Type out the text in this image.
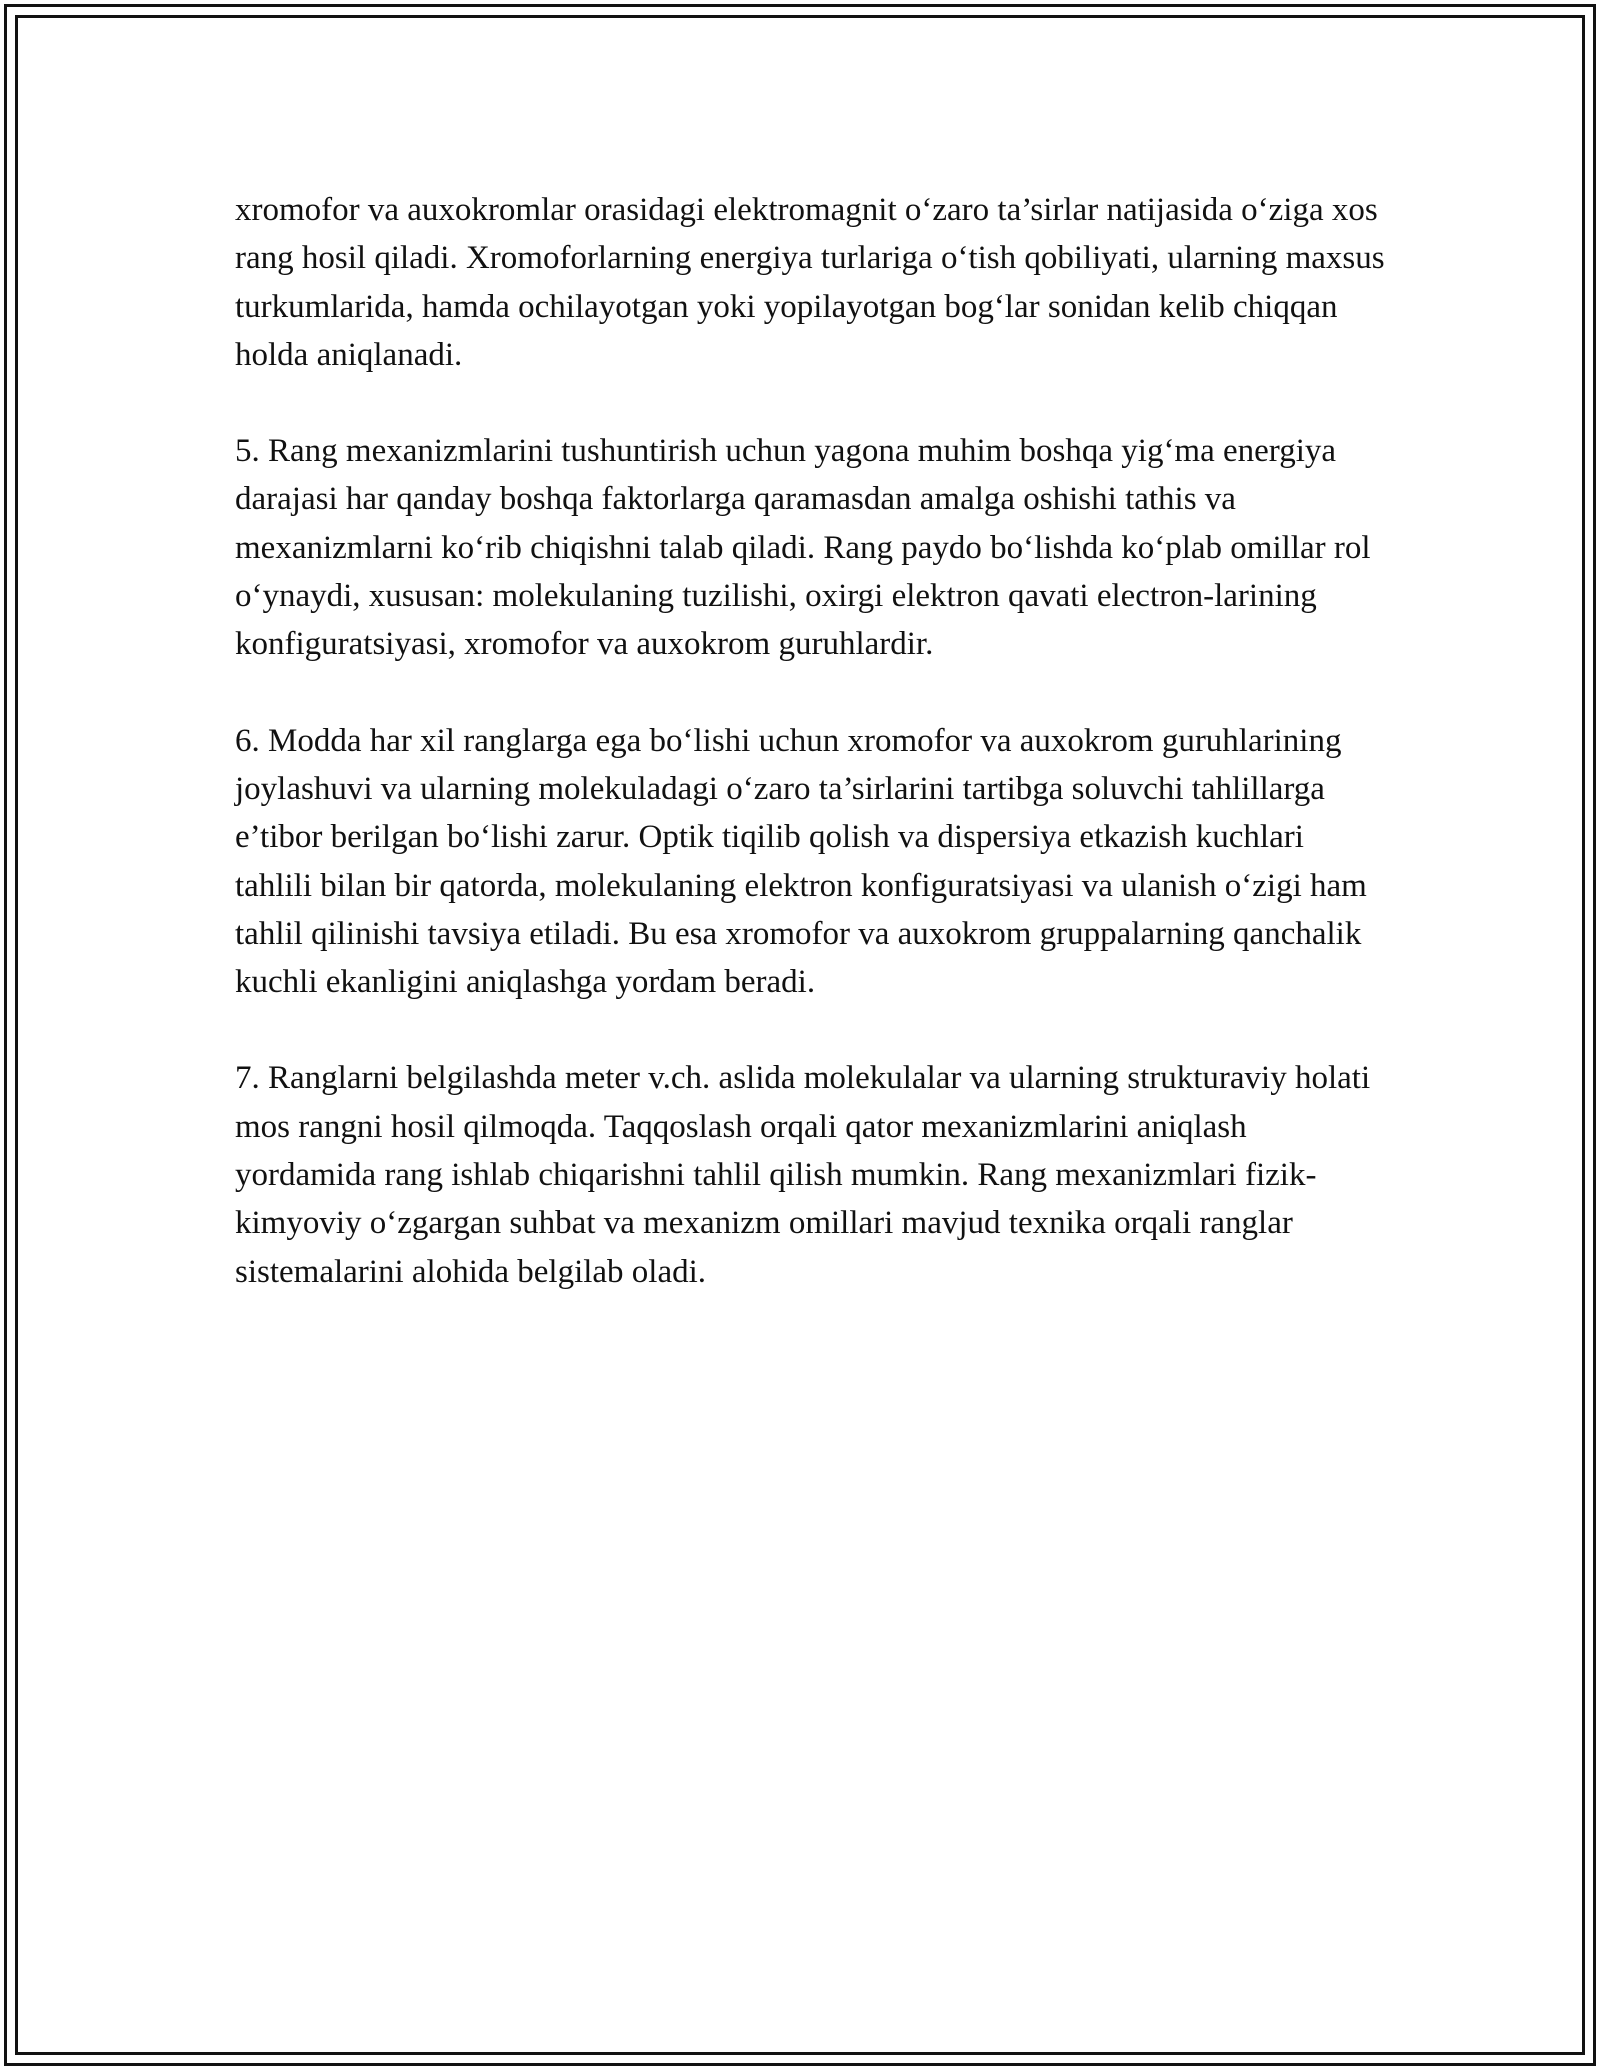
xromofor va auxokromlar orasidagi elektromagnit o‘zaro ta’sirlar natijasida o‘ziga xos rang hosil qiladi. Xromoforlarning energiya turlariga o‘tish qobiliyati, ularning maxsus turkumlarida, hamda ochilayotgan yoki yopilayotgan bog‘lar sonidan kelib chiqqan holda aniqlanadi.

5. Rang mexanizmlarini tushuntirish uchun yagona muhim boshqa yig‘ma energiya darajasi har qanday boshqa faktorlarga qaramasdan amalga oshishi tathis va mexanizmlarni ko‘rib chiqishni talab qiladi. Rang paydo bo‘lishda ko‘plab omillar rol o‘ynaydi, xususan: molekulaning tuzilishi, oxirgi elektron qavati electron-larining konfiguratsiyasi, xromofor va auxokrom guruhlardir.

6. Modda har xil ranglarga ega bo‘lishi uchun xromofor va auxokrom guruhlarining joylashuvi va ularning molekuladagi o‘zaro ta’sirlarini tartibga soluvchi tahlillarga e’tibor berilgan bo‘lishi zarur. Optik tiqilib qolish va dispersiya etkazish kuchlari tahlili bilan bir qatorda, molekulaning elektron konfiguratsiyasi va ulanish o‘zigi ham tahlil qilinishi tavsiya etiladi. Bu esa xromofor va auxokrom gruppalarning qanchalik kuchli ekanligini aniqlashga yordam beradi.

7. Ranglarni belgilashda meter v.ch. aslida molekulalar va ularning strukturaviy holati mos rangni hosil qilmoqda. Taqqoslash orqali qator mexanizmlarini aniqlash yordamida rang ishlab chiqarishni tahlil qilish mumkin. Rang mexanizmlari fizik-kimyoviy o‘zgargan suhbat va mexanizm omillari mavjud texnika orqali ranglar sistemalarini alohida belgilab oladi.
